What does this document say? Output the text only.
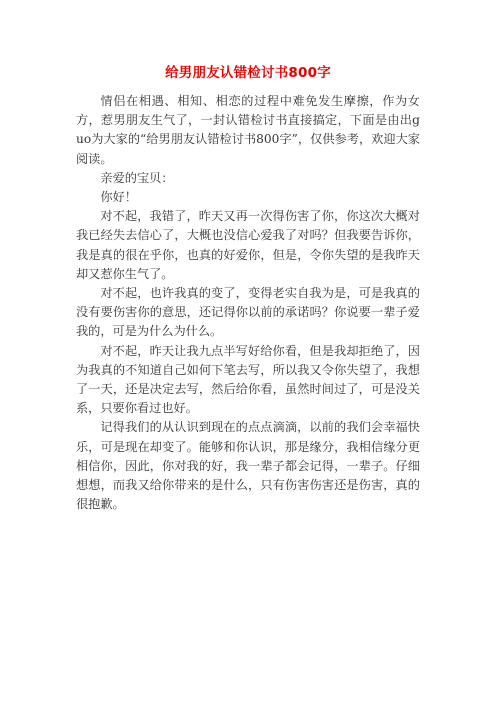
给男朋友认错检讨书800字

情侣在相遇、相知、相恋的过程中难免发生摩擦，作为女方，惹男朋友生气了，一封认错检讨书直接搞定，下面是由出guo为大家的“给男朋友认错检讨书800字”，仅供参考，欢迎大家阅读。

亲爱的宝贝：

你好！

对不起，我错了，昨天又再一次得伤害了你，你这次大概对我已经失去信心了，大概也没信心爱我了对吗？但我要告诉你，我是真的很在乎你，也真的好爱你，但是，令你失望的是我昨天却又惹你生气了。

对不起，也许我真的变了，变得老实自我为是，可是我真的没有要伤害你的意思，还记得你以前的承诺吗？你说要一辈子爱我的，可是为什么为什么。

对不起，昨天让我九点半写好给你看，但是我却拒绝了，因为我真的不知道自己如何下笔去写，所以我又令你失望了，我想了一天，还是决定去写，然后给你看，虽然时间过了，可是没关系，只要你看过也好。

记得我们的从认识到现在的点点滴滴，以前的我们会幸福快乐，可是现在却变了。能够和你认识，那是缘分，我相信缘分更相信你，因此，你对我的好，我一辈子都会记得，一辈子。仔细想想，而我又给你带来的是什么，只有伤害伤害还是伤害，真的很抱歉。
